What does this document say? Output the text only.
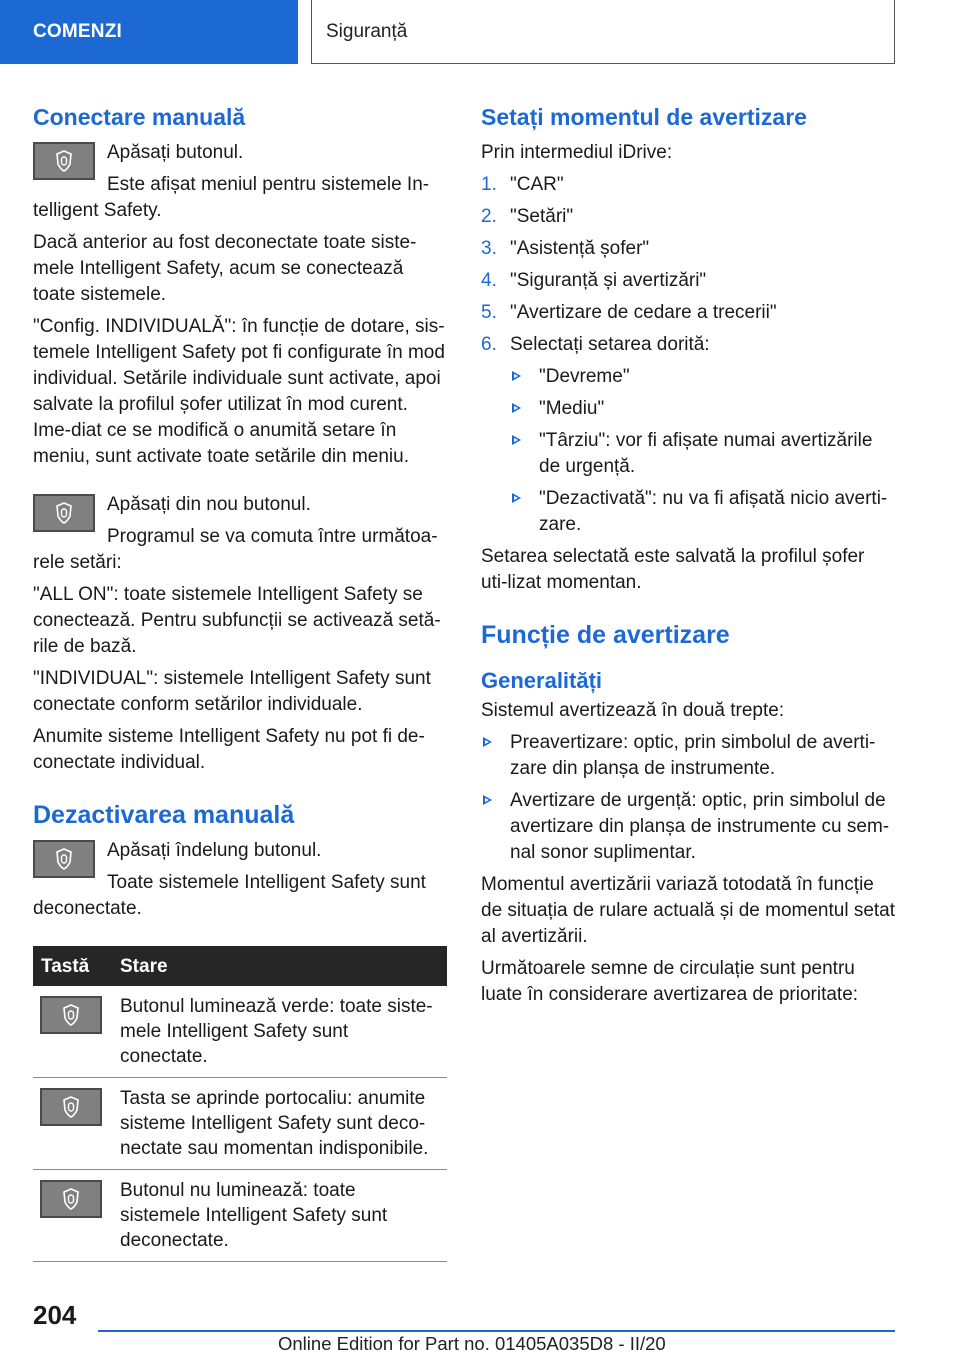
COMENZI	Siguranță
Conectare manuală

Apăsați butonul.

Este afișat meniul pentru sistemele In‐telligent Safety.

Dacă anterior au fost deconectate toate siste‐mele Intelligent Safety, acum se conectează toate sistemele.

"Config. INDIVIDUALĂ": în funcție de dotare, sis‐temele Intelligent Safety pot fi configurate în mod individual. Setările individuale sunt activate, apoi salvate la profilul șofer utilizat în mod curent. Ime‐diat ce se modifică o anumită setare în meniu, sunt activate toate setările din meniu.

Apăsați din nou butonul.

Programul se va comuta între următoa‐rele setări:

"ALL ON": toate sistemele Intelligent Safety se conectează. Pentru subfuncții se activează setă‐rile de bază.

"INDIVIDUAL": sistemele Intelligent Safety sunt conectate conform setărilor individuale.

Anumite sisteme Intelligent Safety nu pot fi de‐conectate individual.

Dezactivarea manuală

Apăsați îndelung butonul.

Toate sistemele Intelligent Safety sunt deconectate.

Tastă	Stare

	Butonul luminează verde: toate siste‐mele Intelligent Safety sunt conectate.

	Tasta se aprinde portocaliu: anumite sisteme Intelligent Safety sunt deco‐nectate sau momentan indisponibile.

	Butonul nu luminează: toate sistemele Intelligent Safety sunt deconectate.
Setați momentul de avertizare

Prin intermediul iDrive:

1. "CAR"
2. "Setări"
3. "Asistență șofer"
4. "Siguranță și avertizări"
5. "Avertizare de cedare a trecerii"
6. Selectați setarea dorită:
"Devreme"
"Mediu"
"Târziu": vor fi afișate numai avertizările de urgență.
"Dezactivată": nu va fi afișată nicio averti‐zare.

Setarea selectată este salvată la profilul șofer uti‐lizat momentan.

Funcție de avertizare
Generalități

Sistemul avertizează în două trepte:

Preavertizare: optic, prin simbolul de averti‐zare din planșa de instrumente.
Avertizare de urgență: optic, prin simbolul de avertizare din planșa de instrumente cu sem‐nal sonor suplimentar.

Momentul avertizării variază totodată în funcție de situația de rulare actuală și de momentul setat al avertizării.

Următoarele semne de circulație sunt pentru luate în considerare avertizarea de prioritate:

204
Online Edition for Part no. 01405A035D8 - II/20
